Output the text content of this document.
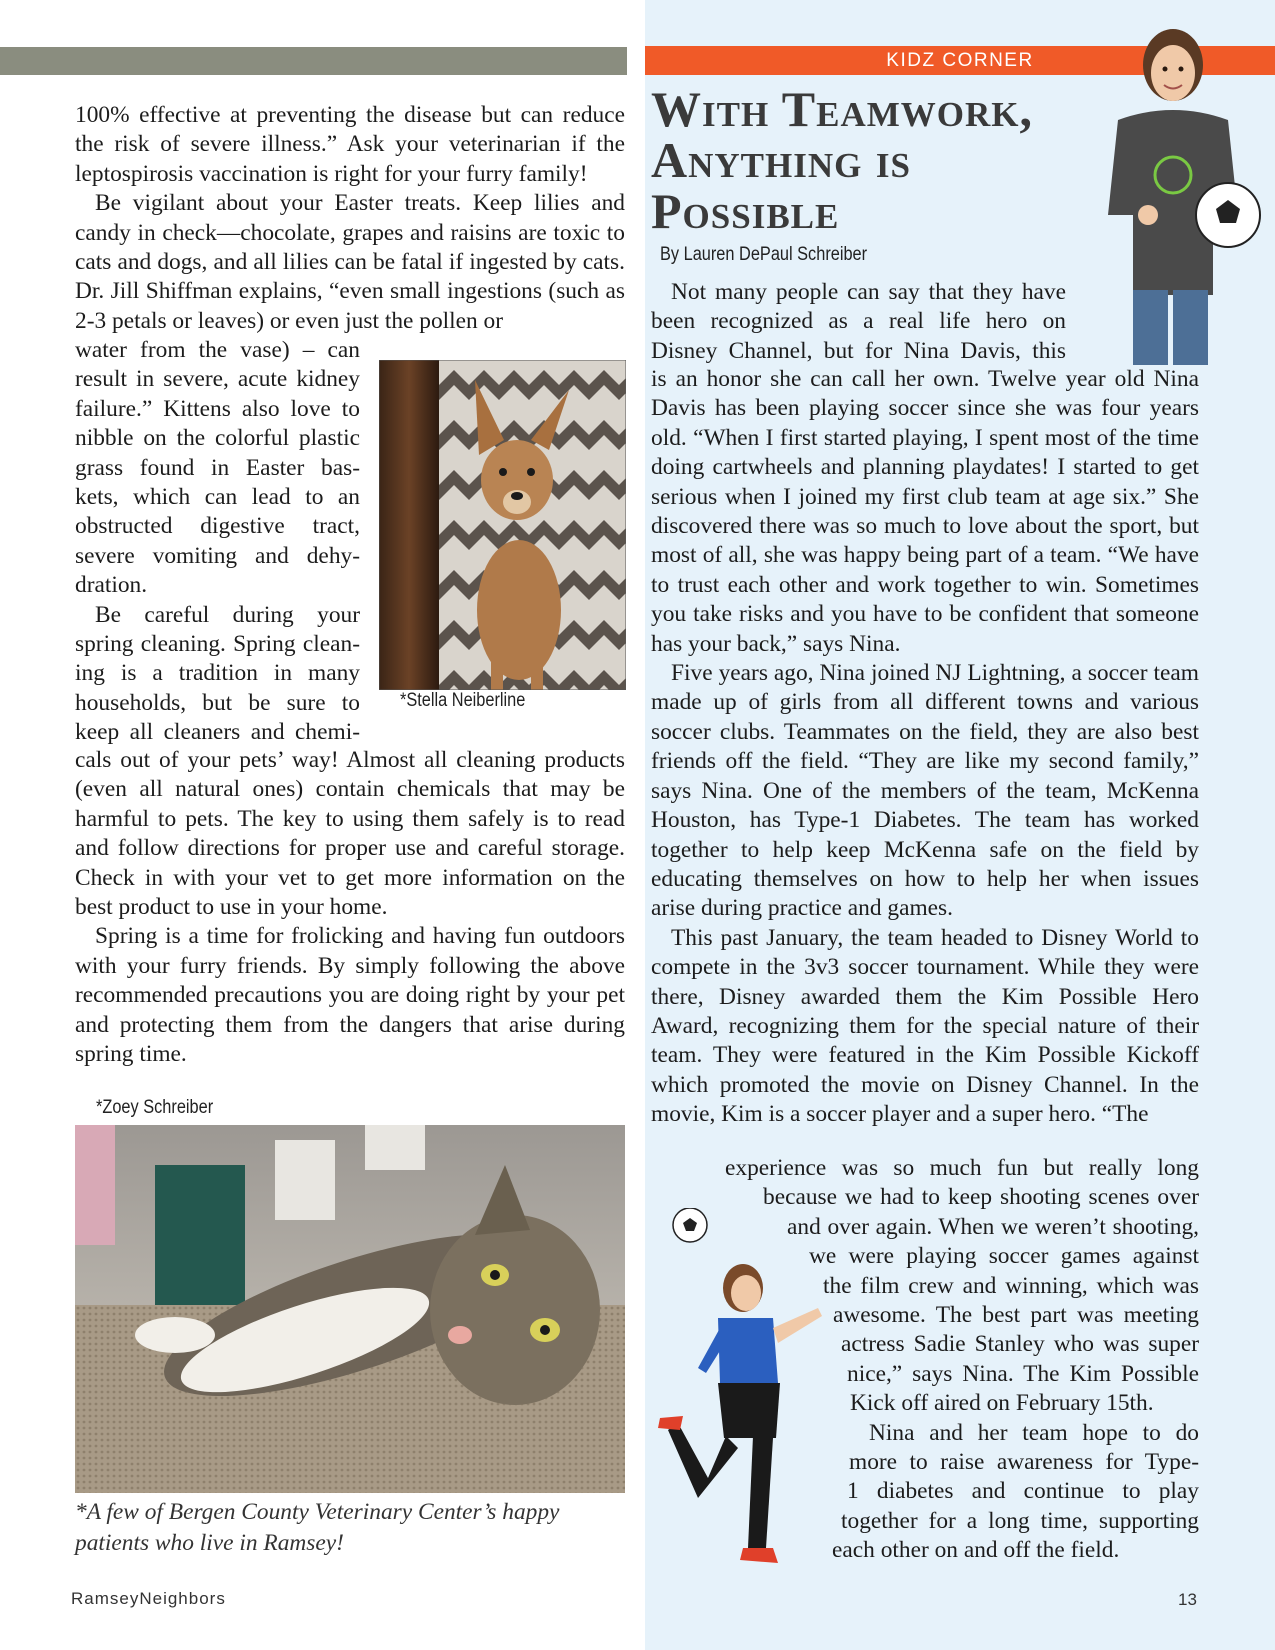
100% effective at preventing the disease but can reduce the risk of severe illness.” Ask your veterinarian if the leptospirosis vaccination is right for your furry family!

Be vigilant about your Easter treats. Keep lilies and candy in check—chocolate, grapes and raisins are toxic to cats and dogs, and all lilies can be fatal if ingested by cats. Dr. Jill Shiffman explains, “even small ingestions (such as 2-3 petals or leaves) or even just the pollen or

water from the vase) – can
result in severe, acute kidney
failure.” Kittens also love to
nibble on the colorful plastic
grass found in Easter bas-
kets, which can lead to an
obstructed digestive tract,
severe vomiting and dehy-
dration.
Be careful during your
spring cleaning. Spring clean-
ing is a tradition in many
households, but be sure to
keep all cleaners and chemi-

cals out of your pets’ way! Almost all cleaning products (even all natural ones) contain chemicals that may be harmful to pets. The key to using them safely is to read and follow directions for proper use and careful storage. Check in with your vet to get more information on the best product to use in your home.

Spring is a time for frolicking and having fun outdoors with your furry friends. By simply following the above recommended precautions you are doing right by your pet and protecting them from the dangers that arise during spring time.

*Stella Neiberline
*Zoey Schreiber
*A few of Bergen County Veterinary Center’s happy patients who live in Ramsey!
RamseyNeighbors
KIDZ CORNER
With Teamwork,
Anything is
Possible
By Lauren DePaul Schreiber
Not many people can say that they have
been recognized as a real life hero on
Disney Channel, but for Nina Davis, this

is an honor she can call her own. Twelve year old Nina Davis has been playing soccer since she was four years old. “When I first started playing, I spent most of the time doing cartwheels and planning playdates! I started to get serious when I joined my first club team at age six.” She discovered there was so much to love about the sport, but most of all, she was happy being part of a team. “We have to trust each other and work together to win. Sometimes you take risks and you have to be confident that someone has your back,” says Nina.

Five years ago, Nina joined NJ Lightning, a soccer team made up of girls from all different towns and various soccer clubs. Teammates on the field, they are also best friends off the field. “They are like my second family,” says Nina. One of the members of the team, McKenna Houston, has Type-1 Diabetes. The team has worked together to help keep McKenna safe on the field by educating themselves on how to help her when issues arise during practice and games.

This past January, the team headed to Disney World to compete in the 3v3 soccer tournament. While they were there, Disney awarded them the Kim Possible Hero Award, recognizing them for the special nature of their team. They were featured in the Kim Possible Kickoff which promoted the movie on Disney Channel. In the movie, Kim is a soccer player and a super hero. “The

experience was so much fun but really long
because we had to keep shooting scenes over
and over again. When we weren’t shooting,
we were playing soccer games against
the film crew and winning, which was
awesome. The best part was meeting
actress Sadie Stanley who was super
nice,” says Nina. The Kim Possible
Kick off aired on February 15th.
Nina and her team hope to do
more to raise awareness for Type-
1 diabetes and continue to play
together for a long time, supporting
each other on and off the field.
13
